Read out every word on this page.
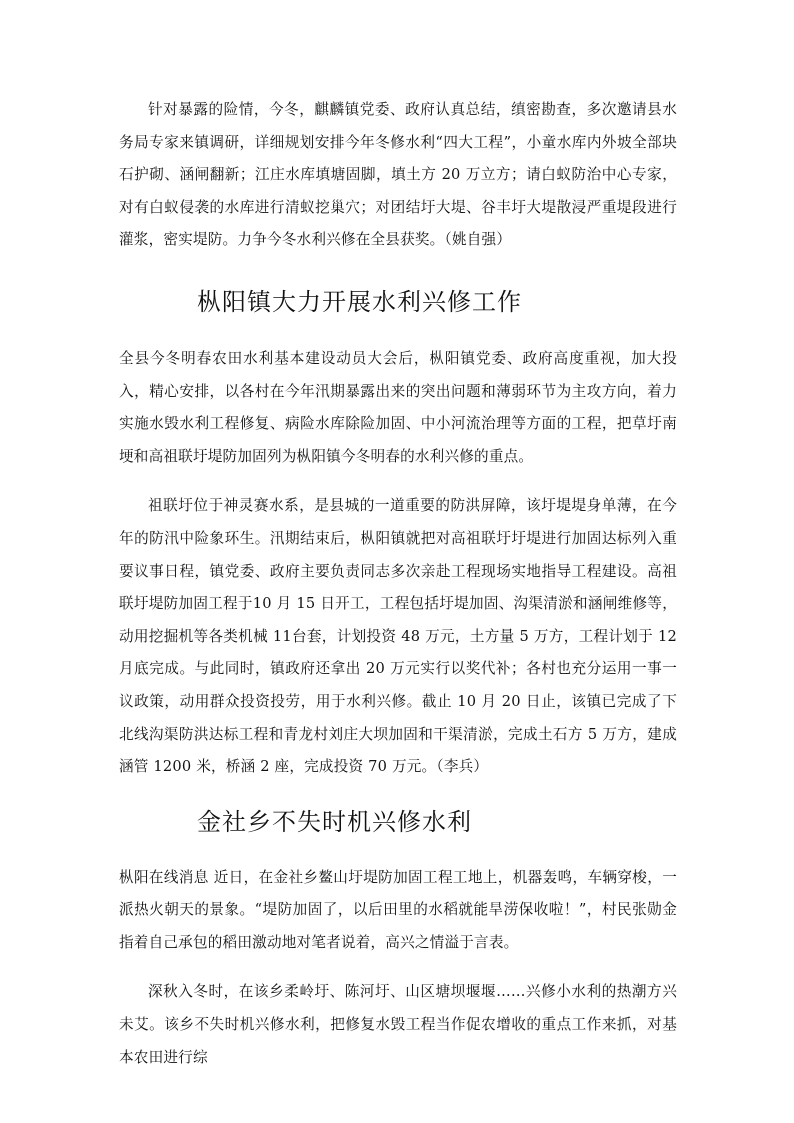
针对暴露的险情，今冬，麒麟镇党委、政府认真总结，缜密勘查，多次邀请县水务局专家来镇调研，详细规划安排今年冬修水利“四大工程”，小童水库内外坡全部块石护砌、涵闸翻新；江庄水库填塘固脚，填土方 20 万立方；请白蚁防治中心专家，对有白蚁侵袭的水库进行清蚁挖巢穴；对团结圩大堤、谷丰圩大堤散浸严重堤段进行灌浆，密实堤防。力争今冬水利兴修在全县获奖。（姚自强）

枞阳镇大力开展水利兴修工作

全县今冬明春农田水利基本建设动员大会后，枞阳镇党委、政府高度重视，加大投入，精心安排，以各村在今年汛期暴露出来的突出问题和薄弱环节为主攻方向，着力实施水毁水利工程修复、病险水库除险加固、中小河流治理等方面的工程，把草圩南埂和高祖联圩堤防加固列为枞阳镇今冬明春的水利兴修的重点。

祖联圩位于神灵赛水系，是县城的一道重要的防洪屏障，该圩堤堤身单薄，在今年的防汛中险象环生。汛期结束后，枞阳镇就把对高祖联圩圩堤进行加固达标列入重要议事日程，镇党委、政府主要负责同志多次亲赴工程现场实地指导工程建设。高祖联圩堤防加固工程于10 月 15 日开工，工程包括圩堤加固、沟渠清淤和涵闸维修等，动用挖掘机等各类机械 11台套，计划投资 48 万元，土方量 5 万方，工程计划于 12 月底完成。与此同时，镇政府还拿出 20 万元实行以奖代补；各村也充分运用一事一议政策，动用群众投资投劳，用于水利兴修。截止 10 月 20 日止，该镇已完成了下北线沟渠防洪达标工程和青龙村刘庄大坝加固和干渠清淤，完成土石方 5 万方，建成涵管 1200 米，桥涵 2 座，完成投资 70 万元。（李兵）

金社乡不失时机兴修水利

枞阳在线消息 近日，在金社乡鳌山圩堤防加固工程工地上，机器轰鸣，车辆穿梭，一派热火朝天的景象。“堤防加固了，以后田里的水稻就能旱涝保收啦！”，村民张勋金指着自己承包的稻田激动地对笔者说着，高兴之情溢于言表。

深秋入冬时，在该乡柔岭圩、陈河圩、山区塘坝堰堰……兴修小水利的热潮方兴未艾。该乡不失时机兴修水利，把修复水毁工程当作促农增收的重点工作来抓，对基本农田进行综
